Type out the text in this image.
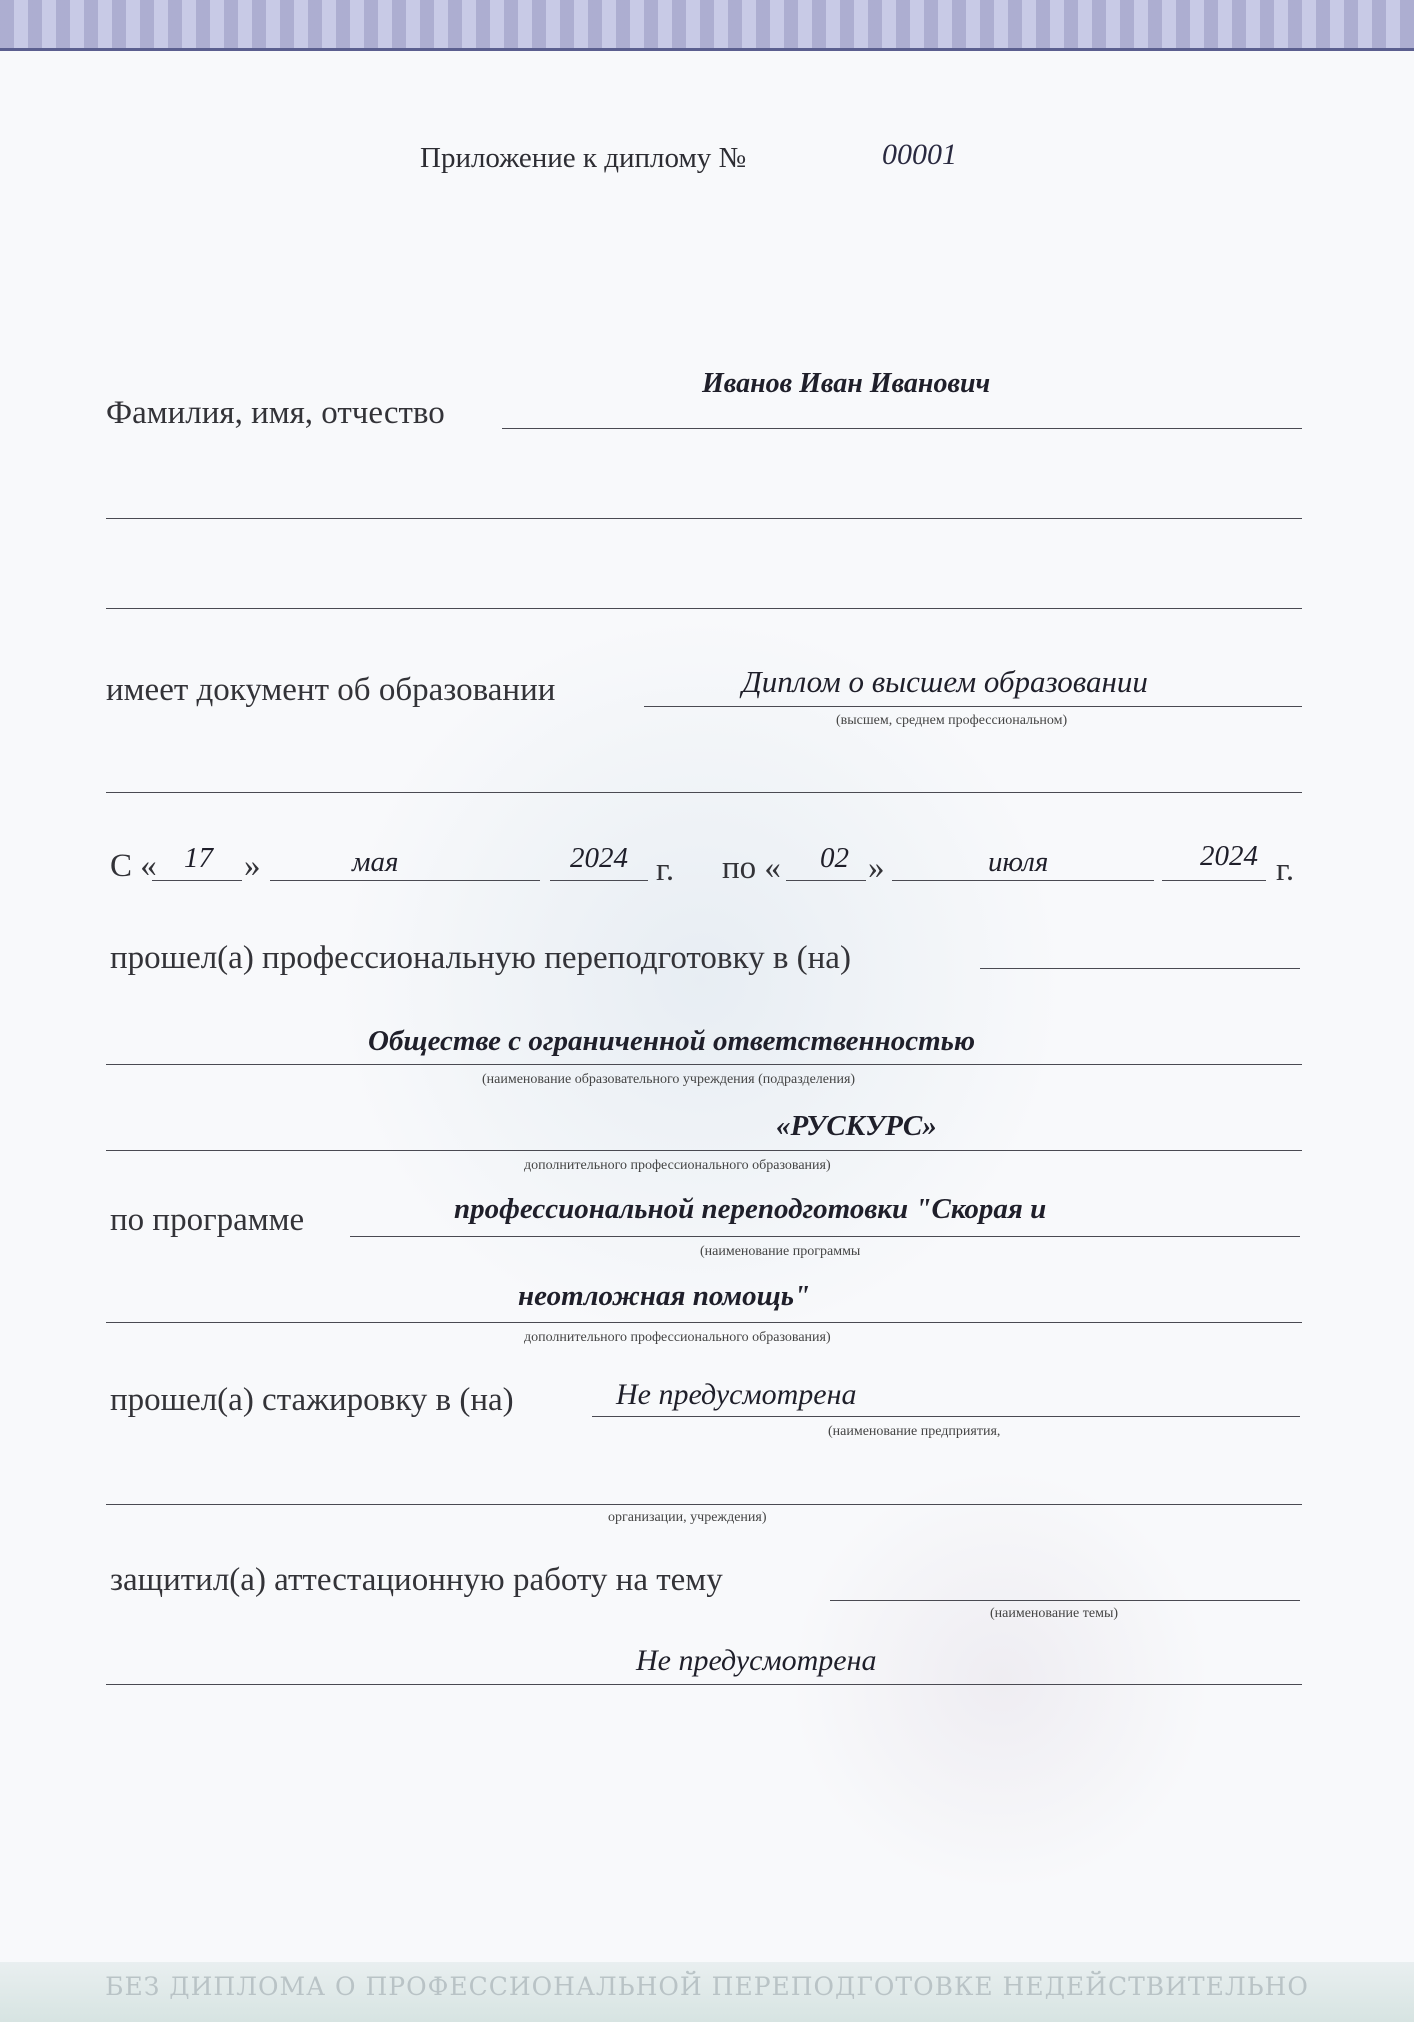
Приложение к диплому №	00001
Фамилия, имя, отчество
Иванов Иван Иванович
имеет документ об образовании	Диплом о высшем образовании
(высшем, среднем профессиональном)
С « 17 »	мая	2024 г. по « 02 »	июля	2024 г.
прошел(а) профессиональную переподготовку в (на)
Обществе с ограниченной ответственностью
(наименование образовательного учреждения (подразделения)
«РУСКУРС»
дополнительного профессионального образования)
по программе	профессиональной переподготовки "Скорая и
(наименование программы
неотложная помощь"
дополнительного профессионального образования)
прошел(а) стажировку в (на)	Не предусмотрена
(наименование предприятия,
организации, учреждения)
защитил(а) аттестационную работу на тему
(наименование темы)
Не предусмотрена
БЕЗ ДИПЛОМА О ПРОФЕССИОНАЛЬНОЙ ПЕРЕПОДГОТОВКЕ НЕДЕЙСТВИТЕЛЬНО
